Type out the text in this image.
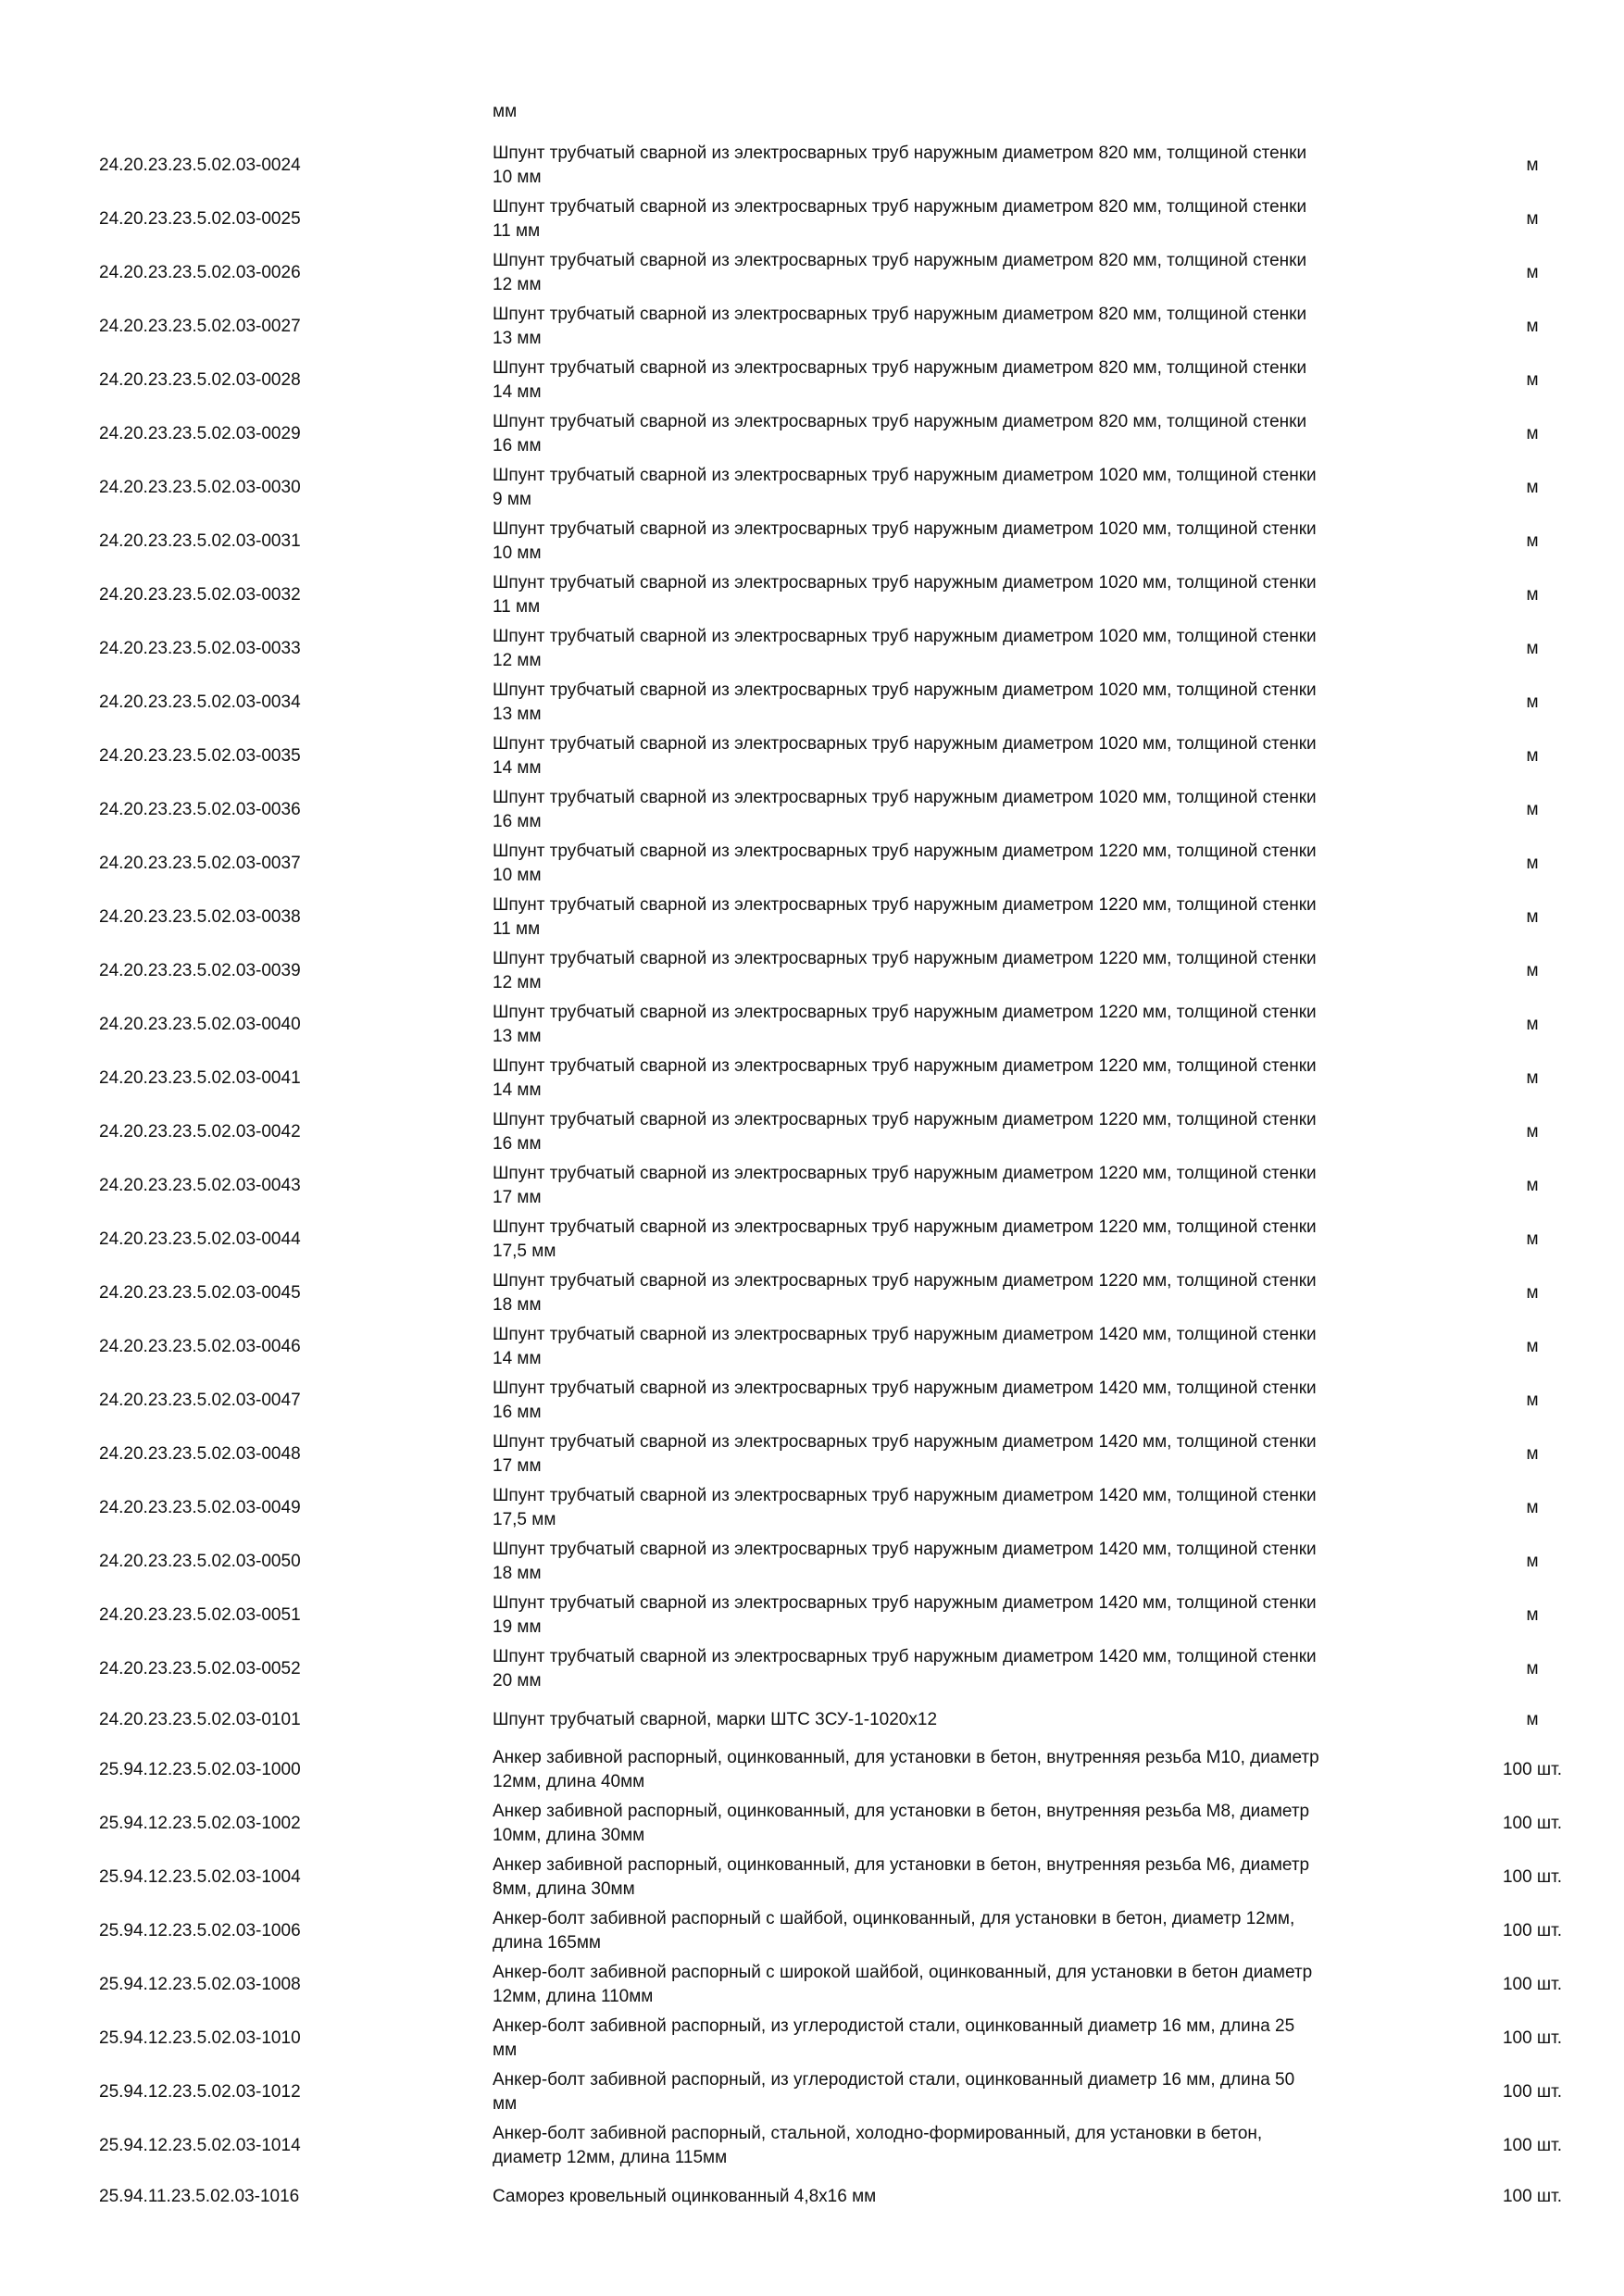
мм
24.20.23.23.5.02.03-0024
Шпунт трубчатый сварной из электросварных труб наружным диаметром 820 мм, толщиной стенки
10 мм
м
24.20.23.23.5.02.03-0025
Шпунт трубчатый сварной из электросварных труб наружным диаметром 820 мм, толщиной стенки
11 мм
м
24.20.23.23.5.02.03-0026
Шпунт трубчатый сварной из электросварных труб наружным диаметром 820 мм, толщиной стенки
12 мм
м
24.20.23.23.5.02.03-0027
Шпунт трубчатый сварной из электросварных труб наружным диаметром 820 мм, толщиной стенки
13 мм
м
24.20.23.23.5.02.03-0028
Шпунт трубчатый сварной из электросварных труб наружным диаметром 820 мм, толщиной стенки
14 мм
м
24.20.23.23.5.02.03-0029
Шпунт трубчатый сварной из электросварных труб наружным диаметром 820 мм, толщиной стенки
16 мм
м
24.20.23.23.5.02.03-0030
Шпунт трубчатый сварной из электросварных труб наружным диаметром 1020 мм, толщиной стенки
9 мм
м
24.20.23.23.5.02.03-0031
Шпунт трубчатый сварной из электросварных труб наружным диаметром 1020 мм, толщиной стенки
10 мм
м
24.20.23.23.5.02.03-0032
Шпунт трубчатый сварной из электросварных труб наружным диаметром 1020 мм, толщиной стенки
11 мм
м
24.20.23.23.5.02.03-0033
Шпунт трубчатый сварной из электросварных труб наружным диаметром 1020 мм, толщиной стенки
12 мм
м
24.20.23.23.5.02.03-0034
Шпунт трубчатый сварной из электросварных труб наружным диаметром 1020 мм, толщиной стенки
13 мм
м
24.20.23.23.5.02.03-0035
Шпунт трубчатый сварной из электросварных труб наружным диаметром 1020 мм, толщиной стенки
14 мм
м
24.20.23.23.5.02.03-0036
Шпунт трубчатый сварной из электросварных труб наружным диаметром 1020 мм, толщиной стенки
16 мм
м
24.20.23.23.5.02.03-0037
Шпунт трубчатый сварной из электросварных труб наружным диаметром 1220 мм, толщиной стенки
10 мм
м
24.20.23.23.5.02.03-0038
Шпунт трубчатый сварной из электросварных труб наружным диаметром 1220 мм, толщиной стенки
11 мм
м
24.20.23.23.5.02.03-0039
Шпунт трубчатый сварной из электросварных труб наружным диаметром 1220 мм, толщиной стенки
12 мм
м
24.20.23.23.5.02.03-0040
Шпунт трубчатый сварной из электросварных труб наружным диаметром 1220 мм, толщиной стенки
13 мм
м
24.20.23.23.5.02.03-0041
Шпунт трубчатый сварной из электросварных труб наружным диаметром 1220 мм, толщиной стенки
14 мм
м
24.20.23.23.5.02.03-0042
Шпунт трубчатый сварной из электросварных труб наружным диаметром 1220 мм, толщиной стенки
16 мм
м
24.20.23.23.5.02.03-0043
Шпунт трубчатый сварной из электросварных труб наружным диаметром 1220 мм, толщиной стенки
17 мм
м
24.20.23.23.5.02.03-0044
Шпунт трубчатый сварной из электросварных труб наружным диаметром 1220 мм, толщиной стенки
17,5 мм
м
24.20.23.23.5.02.03-0045
Шпунт трубчатый сварной из электросварных труб наружным диаметром 1220 мм, толщиной стенки
18 мм
м
24.20.23.23.5.02.03-0046
Шпунт трубчатый сварной из электросварных труб наружным диаметром 1420 мм, толщиной стенки
14 мм
м
24.20.23.23.5.02.03-0047
Шпунт трубчатый сварной из электросварных труб наружным диаметром 1420 мм, толщиной стенки
16 мм
м
24.20.23.23.5.02.03-0048
Шпунт трубчатый сварной из электросварных труб наружным диаметром 1420 мм, толщиной стенки
17 мм
м
24.20.23.23.5.02.03-0049
Шпунт трубчатый сварной из электросварных труб наружным диаметром 1420 мм, толщиной стенки
17,5 мм
м
24.20.23.23.5.02.03-0050
Шпунт трубчатый сварной из электросварных труб наружным диаметром 1420 мм, толщиной стенки
18 мм
м
24.20.23.23.5.02.03-0051
Шпунт трубчатый сварной из электросварных труб наружным диаметром 1420 мм, толщиной стенки
19 мм
м
24.20.23.23.5.02.03-0052
Шпунт трубчатый сварной из электросварных труб наружным диаметром 1420 мм, толщиной стенки
20 мм
м
24.20.23.23.5.02.03-0101	Шпунт трубчатый сварной, марки ШТС 3СУ-1-1020х12	м
25.94.12.23.5.02.03-1000
Анкер забивной распорный, оцинкованный, для установки в бетон, внутренняя резьба М10, диаметр
12мм, длина 40мм
100 шт.
25.94.12.23.5.02.03-1002
Анкер забивной распорный, оцинкованный, для установки в бетон, внутренняя резьба М8, диаметр
10мм, длина 30мм
100 шт.
25.94.12.23.5.02.03-1004
Анкер забивной распорный, оцинкованный, для установки в бетон, внутренняя резьба М6, диаметр
8мм, длина 30мм
100 шт.
25.94.12.23.5.02.03-1006
Анкер-болт забивной распорный с шайбой, оцинкованный, для установки в бетон, диаметр 12мм,
длина 165мм
100 шт.
25.94.12.23.5.02.03-1008
Анкер-болт забивной распорный с широкой шайбой, оцинкованный, для установки в бетон диаметр
12мм, длина 110мм
100 шт.
25.94.12.23.5.02.03-1010
Анкер-болт забивной распорный, из углеродистой стали, оцинкованный диаметр 16 мм, длина 25
мм
100 шт.
25.94.12.23.5.02.03-1012
Анкер-болт забивной распорный, из углеродистой стали, оцинкованный диаметр 16 мм, длина 50
мм
100 шт.
25.94.12.23.5.02.03-1014
Анкер-болт забивной распорный, стальной, холодно-формированный, для установки в бетон,
диаметр 12мм, длина 115мм
100 шт.
25.94.11.23.5.02.03-1016	Саморез кровельный оцинкованный 4,8х16 мм	100 шт.
